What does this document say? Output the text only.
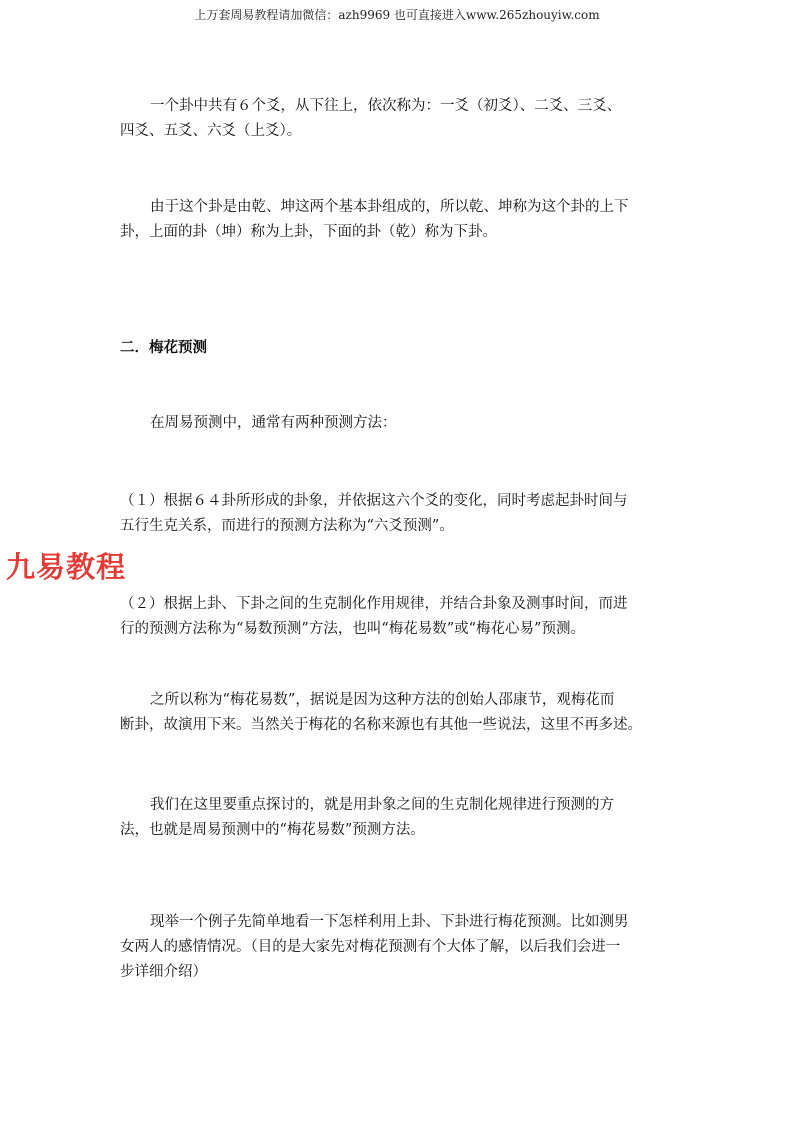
上万套周易教程请加微信：azh9969 也可直接进入www.265zhouyiw.com
一个卦中共有６个爻，从下往上，依次称为：一爻（初爻）、二爻、三爻、
四爻、五爻、六爻（上爻）。
由于这个卦是由乾、坤这两个基本卦组成的，所以乾、坤称为这个卦的上下
卦，上面的卦（坤）称为上卦，下面的卦（乾）称为下卦。
二．梅花预测
在周易预测中，通常有两种预测方法：
（１）根据６４卦所形成的卦象，并依据这六个爻的变化，同时考虑起卦时间与
五行生克关系，而进行的预测方法称为“六爻预测”。
九易教程
（２）根据上卦、下卦之间的生克制化作用规律，并结合卦象及测事时间，而进
行的预测方法称为“易数预测”方法，也叫“梅花易数”或“梅花心易”预测。
之所以称为“梅花易数”，据说是因为这种方法的创始人邵康节，观梅花而
断卦，故演用下来。当然关于梅花的名称来源也有其他一些说法，这里不再多述。
我们在这里要重点探讨的，就是用卦象之间的生克制化规律进行预测的方
法，也就是周易预测中的“梅花易数”预测方法。
现举一个例子先简单地看一下怎样利用上卦、下卦进行梅花预测。比如测男
女两人的感情情况。（目的是大家先对梅花预测有个大体了解，以后我们会进一
步详细介绍）
